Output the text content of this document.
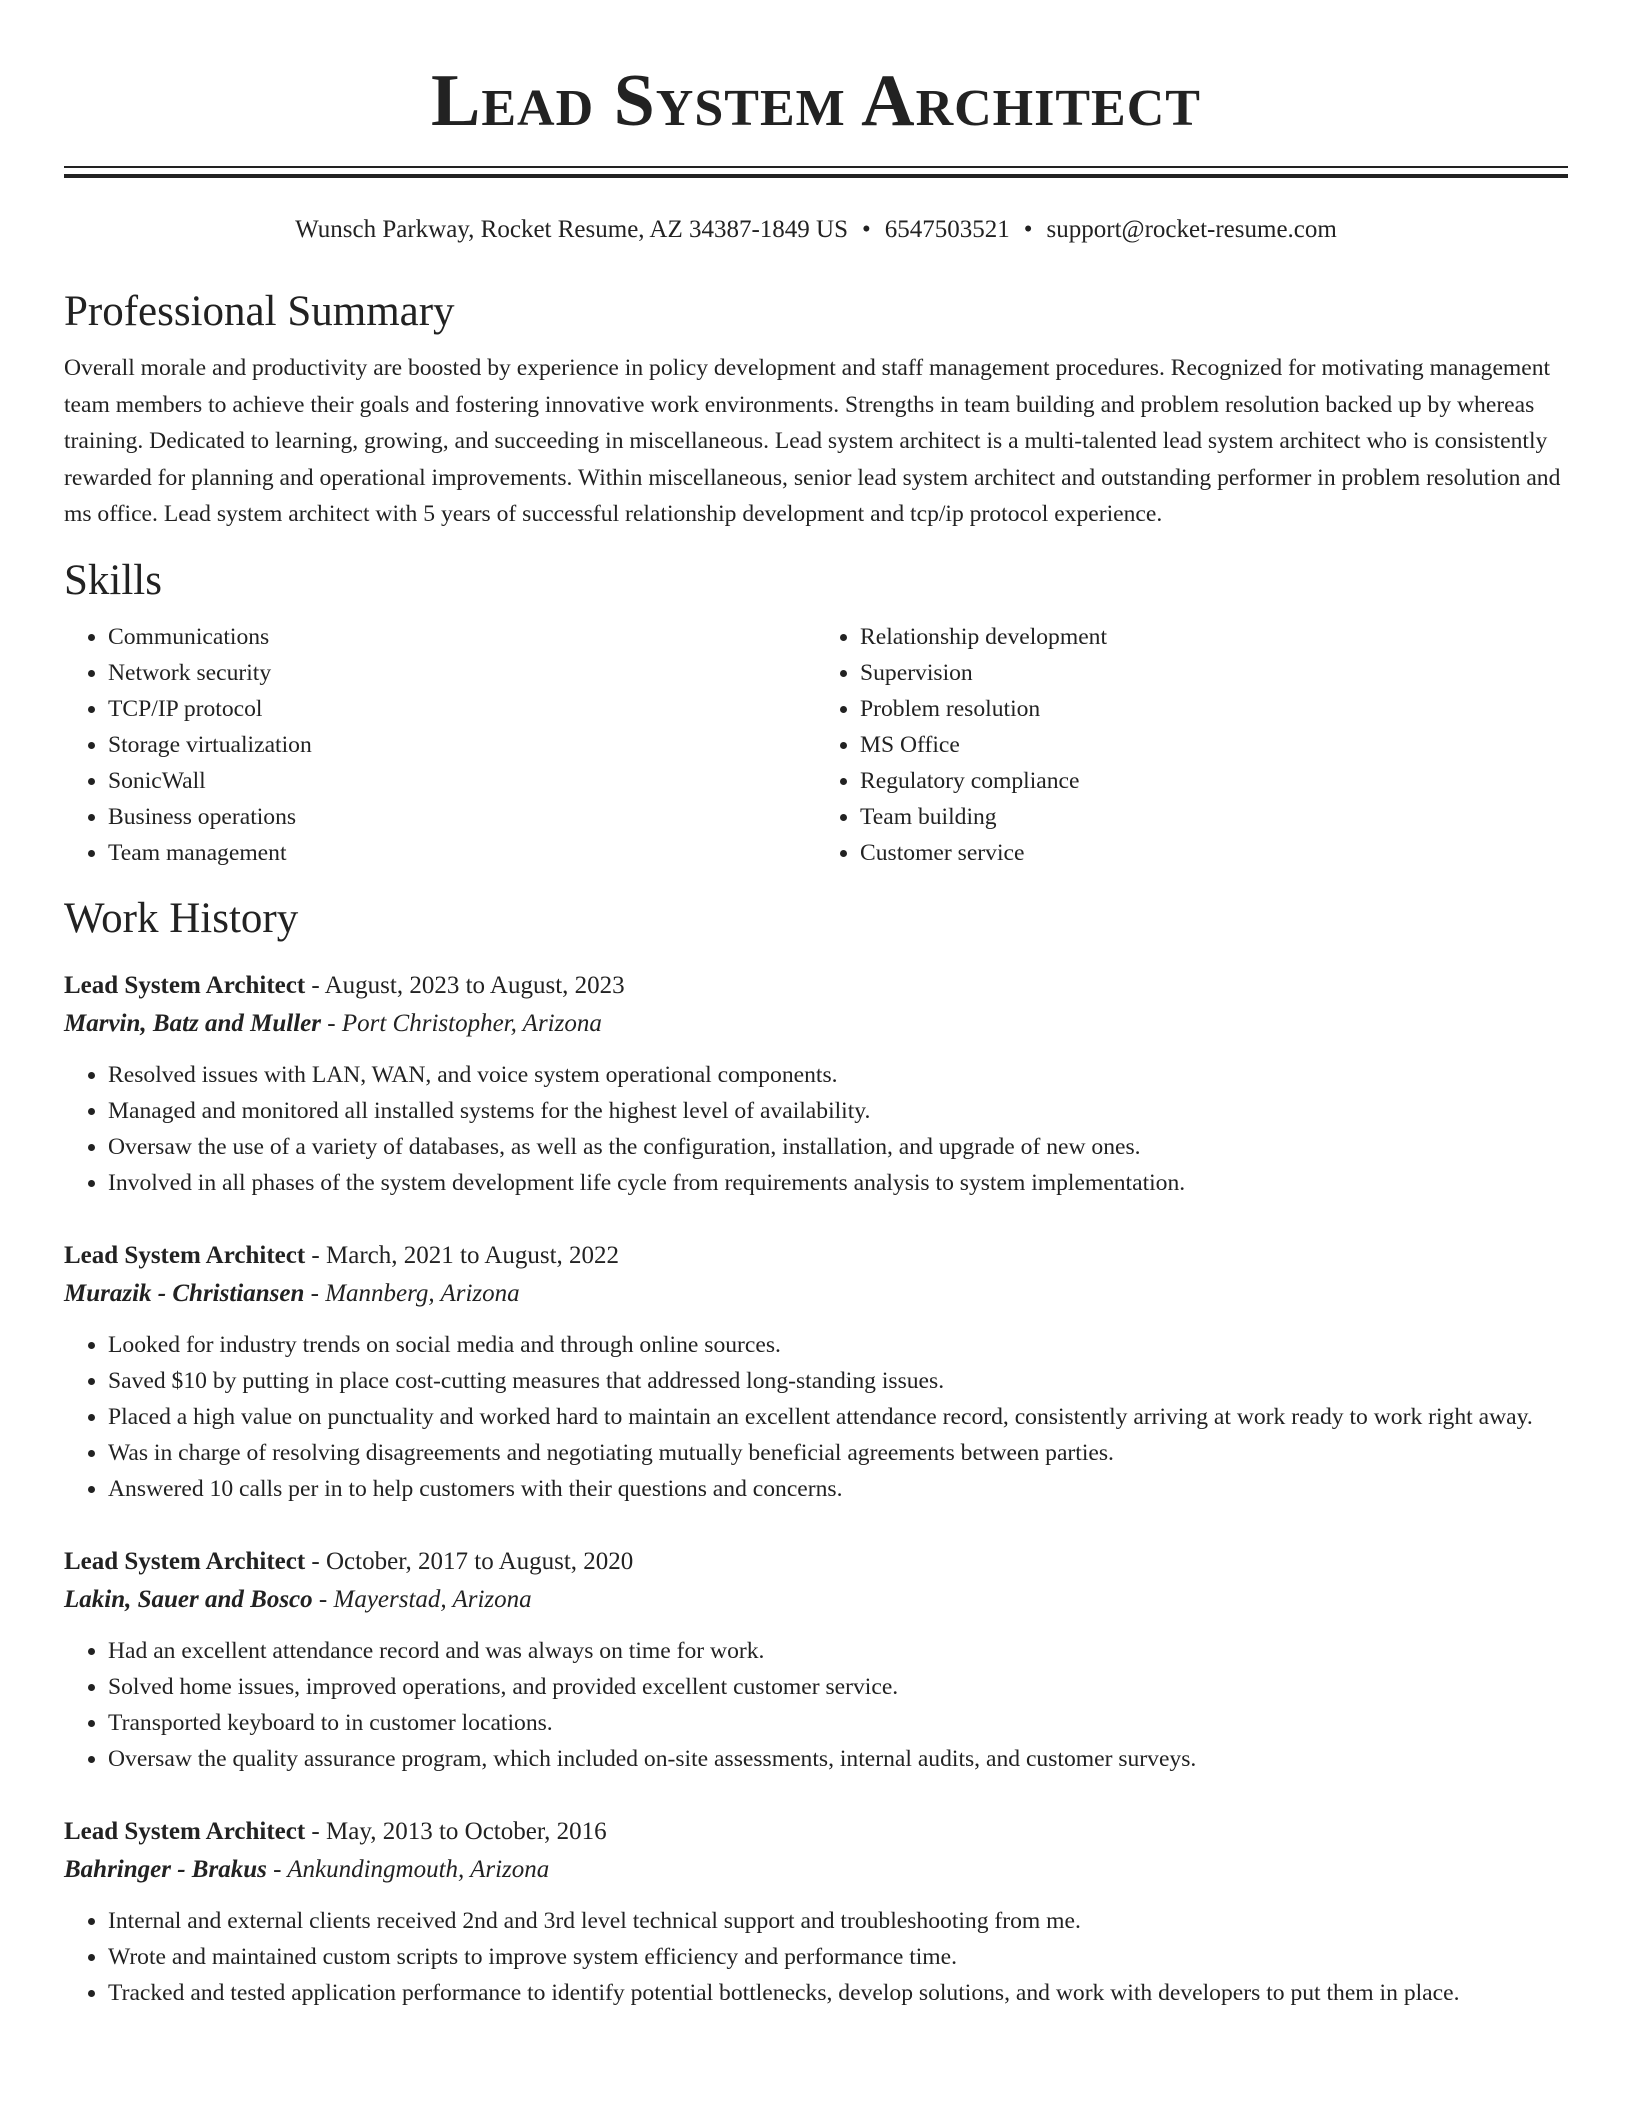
Lead System Architect
Wunsch Parkway, Rocket Resume, AZ 34387-1849 US • 6547503521 • support@rocket-resume.com
Professional Summary

Overall morale and productivity are boosted by experience in policy development and staff management procedures. Recognized for motivating management team members to achieve their goals and fostering innovative work environments. Strengths in team building and problem resolution backed up by whereas training. Dedicated to learning, growing, and succeeding in miscellaneous. Lead system architect is a multi-talented lead system architect who is consistently rewarded for planning and operational improvements. Within miscellaneous, senior lead system architect and outstanding performer in problem resolution and ms office. Lead system architect with 5 years of successful relationship development and tcp/ip protocol experience.

Skills
• Communications
• Network security
• TCP/IP protocol
• Storage virtualization
• SonicWall
• Business operations
• Team management
• Relationship development
• Supervision
• Problem resolution
• MS Office
• Regulatory compliance
• Team building
• Customer service
Work History
Lead System Architect - August, 2023 to August, 2023
Marvin, Batz and Muller - Port Christopher, Arizona
• Resolved issues with LAN, WAN, and voice system operational components.
• Managed and monitored all installed systems for the highest level of availability.
• Oversaw the use of a variety of databases, as well as the configuration, installation, and upgrade of new ones.
• Involved in all phases of the system development life cycle from requirements analysis to system implementation.
Lead System Architect - March, 2021 to August, 2022
Murazik - Christiansen - Mannberg, Arizona
• Looked for industry trends on social media and through online sources.
• Saved $10 by putting in place cost-cutting measures that addressed long-standing issues.
• Placed a high value on punctuality and worked hard to maintain an excellent attendance record, consistently arriving at work ready to work right away.
• Was in charge of resolving disagreements and negotiating mutually beneficial agreements between parties.
• Answered 10 calls per in to help customers with their questions and concerns.
Lead System Architect - October, 2017 to August, 2020
Lakin, Sauer and Bosco - Mayerstad, Arizona
• Had an excellent attendance record and was always on time for work.
• Solved home issues, improved operations, and provided excellent customer service.
• Transported keyboard to in customer locations.
• Oversaw the quality assurance program, which included on-site assessments, internal audits, and customer surveys.
Lead System Architect - May, 2013 to October, 2016
Bahringer - Brakus - Ankundingmouth, Arizona
• Internal and external clients received 2nd and 3rd level technical support and troubleshooting from me.
• Wrote and maintained custom scripts to improve system efficiency and performance time.
• Tracked and tested application performance to identify potential bottlenecks, develop solutions, and work with developers to put them in place.
